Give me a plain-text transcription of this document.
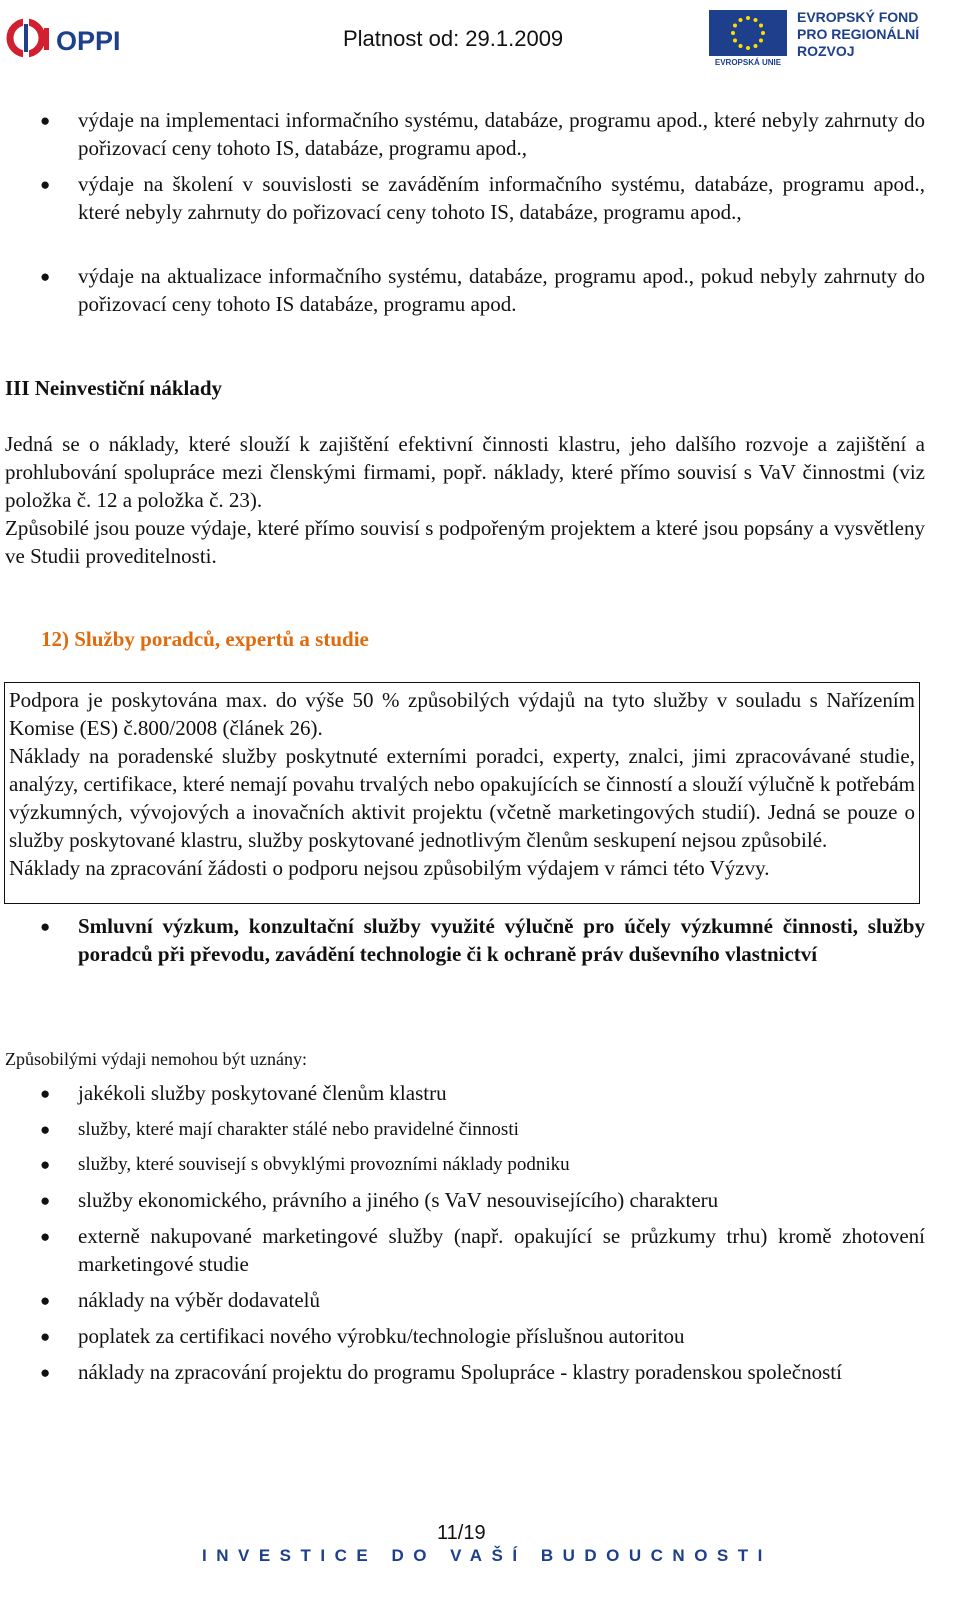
OPPI	Platnost od: 29.1.2009
EVROPSKÁ UNIE
EVROPSKÝ FOND
PRO REGIONÁLNÍ
ROZVOJ
● výdaje na implementaci informačního systému, databáze, programu apod., které nebyly zahrnuty do pořizovací ceny tohoto IS, databáze, programu apod.,
● výdaje na školení v souvislosti se zaváděním informačního systému, databáze, programu apod., které nebyly zahrnuty do pořizovací ceny tohoto IS, databáze, programu apod.,
● výdaje na aktualizace informačního systému, databáze, programu apod., pokud nebyly zahrnuty do pořizovací ceny tohoto IS databáze, programu apod.
III Neinvestiční náklady
Jedná se o náklady, které slouží k zajištění efektivní činnosti klastru, jeho dalšího rozvoje a zajištění a prohlubování spolupráce mezi členskými firmami, popř. náklady, které přímo souvisí s VaV činnostmi (viz položka č. 12 a položka č. 23).
Způsobilé jsou pouze výdaje, které přímo souvisí s podpořeným projektem a které jsou popsány a vysvětleny ve Studii proveditelnosti.
12) Služby poradců, expertů a studie
Podpora je poskytována max. do výše 50 % způsobilých výdajů na tyto služby v souladu s Nařízením Komise (ES) č.800/2008 (článek 26).
Náklady na poradenské služby poskytnuté externími poradci, experty, znalci, jimi zpracovávané studie, analýzy, certifikace, které nemají povahu trvalých nebo opakujících se činností a slouží výlučně k potřebám výzkumných, vývojových a inovačních aktivit projektu (včetně marketingových studií). Jedná se pouze o služby poskytované klastru, služby poskytované jednotlivým členům seskupení nejsou způsobilé.
Náklady na zpracování žádosti o podporu nejsou způsobilým výdajem v rámci této Výzvy.
● Smluvní výzkum, konzultační služby využité výlučně pro účely výzkumné činnosti, služby poradců při převodu, zavádění technologie či k ochraně práv duševního vlastnictví
Způsobilými výdaji nemohou být uznány:
● jakékoli služby poskytované členům klastru
● služby, které mají charakter stálé nebo pravidelné činnosti
● služby, které souvisejí s obvyklými provozními náklady podniku
● služby ekonomického, právního a jiného (s VaV nesouvisejícího) charakteru
● externě nakupované marketingové služby (např. opakující se průzkumy trhu) kromě zhotovení marketingové studie
● náklady na výběr dodavatelů
● poplatek za certifikaci nového výrobku/technologie příslušnou autoritou
● náklady na zpracování projektu do programu Spolupráce - klastry poradenskou společností
11/19
INVESTICE DO VAŠÍ BUDOUCNOSTI
